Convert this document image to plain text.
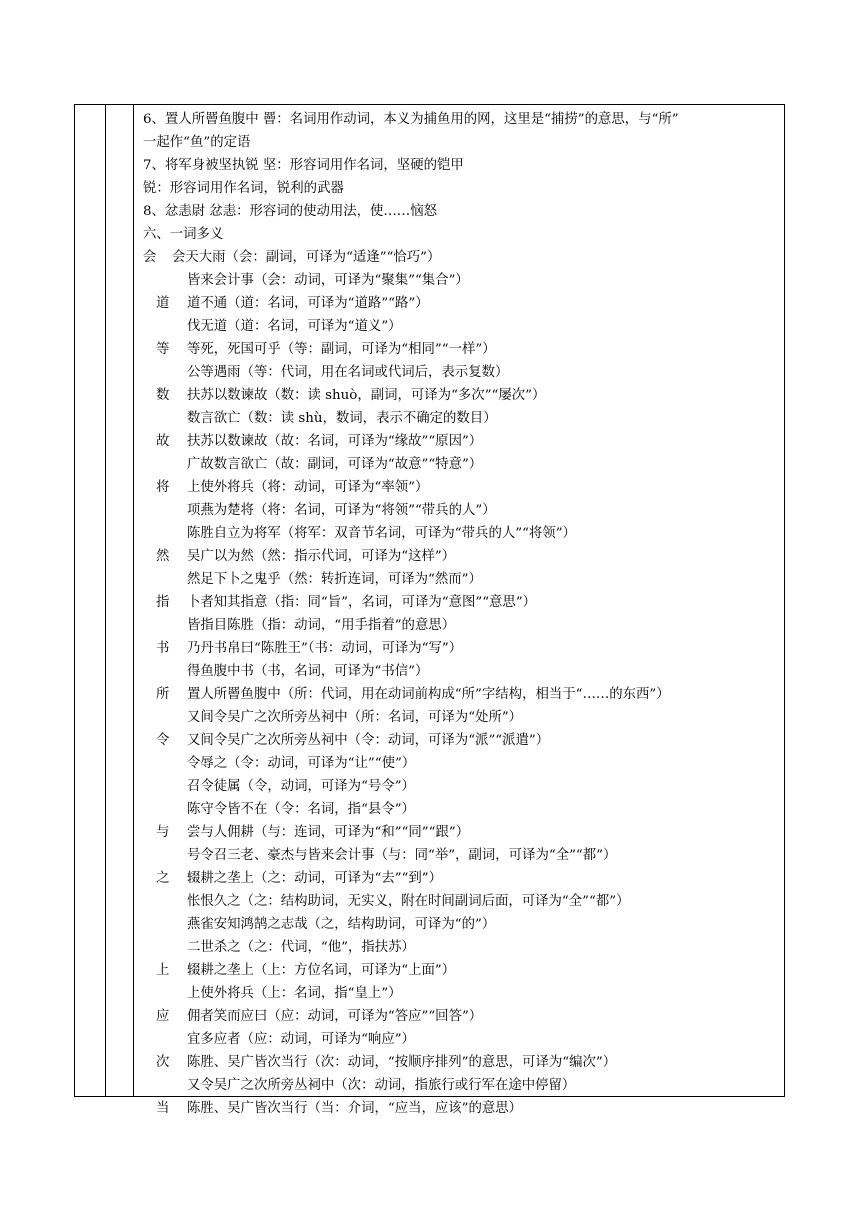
6、置人所罾鱼腹中 罾：名词用作动词，本义为捕鱼用的网，这里是“捕捞”的意思，与“所”
一起作“鱼”的定语
7、将军身被坚执锐 坚：形容词用作名词，坚硬的铠甲
锐：形容词用作名词，锐利的武器
8、忿恚尉 忿恚：形容词的使动用法，使……恼怒
六、一词多义
会 会天大雨（会：副词，可译为“适逢”“恰巧”）
皆来会计事（会：动词，可译为“聚集”“集合”）
道 道不通（道：名词，可译为“道路”“路”）
伐无道（道：名词，可译为“道义”）
等 等死，死国可乎（等：副词，可译为“相同”“一样”）
公等遇雨（等：代词，用在名词或代词后，表示复数）
数 扶苏以数谏故（数：读 shuò，副词，可译为“多次”“屡次”）
数言欲亡（数：读 shù，数词，表示不确定的数目）
故 扶苏以数谏故（故：名词，可译为“缘故”“原因”）
广故数言欲亡（故：副词，可译为“故意”“特意”）
将 上使外将兵（将：动词，可译为“率领”）
项燕为楚将（将：名词，可译为“将领”“带兵的人”）
陈胜自立为将军（将军：双音节名词，可译为“带兵的人”“将领”）
然 吴广以为然（然：指示代词，可译为“这样”）
然足下卜之鬼乎（然：转折连词，可译为“然而”）
指 卜者知其指意（指：同“旨”，名词，可译为“意图”“意思”）
皆指目陈胜（指：动词，“用手指着”的意思）
书 乃丹书帛曰“陈胜王”（书：动词，可译为“写”）
得鱼腹中书（书，名词，可译为“书信”）
所 置人所罾鱼腹中（所：代词，用在动词前构成“所”字结构，相当于“……的东西”）
又间令吴广之次所旁丛祠中（所：名词，可译为“处所”）
令 又间令吴广之次所旁丛祠中（令：动词，可译为“派”“派遣”）
令辱之（令：动词，可译为“让”“使”）
召令徒属（令，动词，可译为“号令”）
陈守令皆不在（令：名词，指“县令”）
与 尝与人佣耕（与：连词，可译为“和”“同”“跟”）
号令召三老、豪杰与皆来会计事（与：同“举”，副词，可译为“全”“都”）
之 辍耕之垄上（之：动词，可译为“去”“到”）
怅恨久之（之：结构助词，无实义，附在时间副词后面，可译为“全”“都”）
燕雀安知鸿鹄之志哉（之，结构助词，可译为“的”）
二世杀之（之：代词，“他”，指扶苏）
上 辍耕之垄上（上：方位名词，可译为“上面”）
上使外将兵（上：名词，指“皇上”）
应 佣者笑而应曰（应：动词，可译为“答应”“回答”）
宜多应者（应：动词，可译为“响应”）
次 陈胜、吴广皆次当行（次：动词，“按顺序排列”的意思，可译为“编次”）
又令吴广之次所旁丛祠中（次：动词，指旅行或行军在途中停留）
当 陈胜、吴广皆次当行（当：介词，“应当，应该”的意思）
